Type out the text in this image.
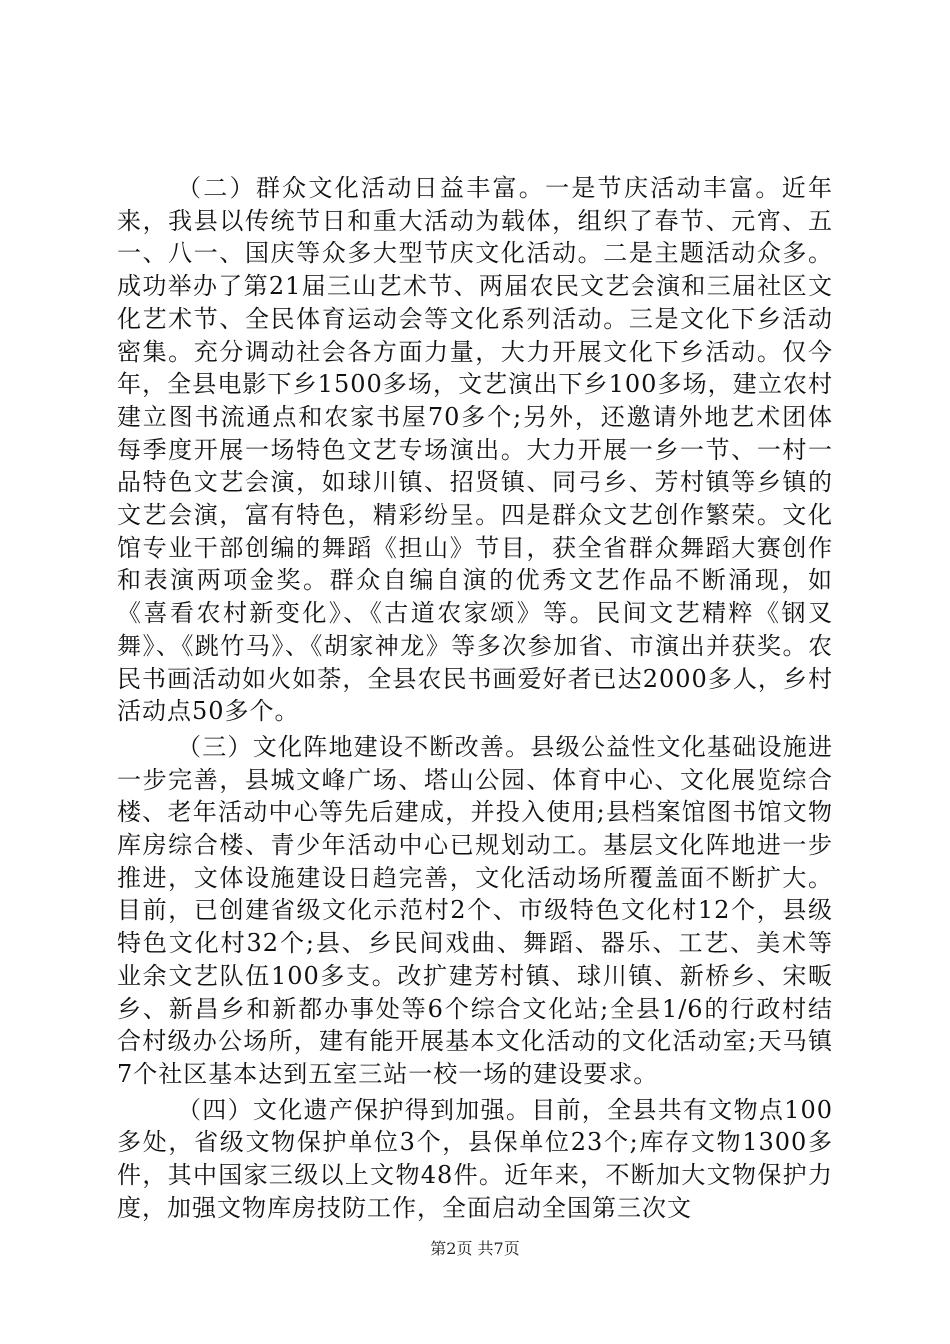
（二）群众文化活动日益丰富。一是节庆活动丰富。近年来，我县以传统节日和重大活动为载体，组织了春节、元宵、五一、八一、国庆等众多大型节庆文化活动。二是主题活动众多。成功举办了第21届三山艺术节、两届农民文艺会演和三届社区文化艺术节、全民体育运动会等文化系列活动。三是文化下乡活动密集。充分调动社会各方面力量，大力开展文化下乡活动。仅今年，全县电影下乡1500多场，文艺演出下乡100多场，建立农村建立图书流通点和农家书屋70多个;另外，还邀请外地艺术团体每季度开展一场特色文艺专场演出。大力开展一乡一节、一村一品特色文艺会演，如球川镇、招贤镇、同弓乡、芳村镇等乡镇的文艺会演，富有特色，精彩纷呈。四是群众文艺创作繁荣。文化馆专业干部创编的舞蹈《担山》节目，获全省群众舞蹈大赛创作和表演两项金奖。群众自编自演的优秀文艺作品不断涌现，如《喜看农村新变化》、《古道农家颂》等。民间文艺精粹《钢叉舞》、《跳竹马》、《胡家神龙》等多次参加省、市演出并获奖。农民书画活动如火如荼，全县农民书画爱好者已达2000多人，乡村活动点50多个。

（三）文化阵地建设不断改善。县级公益性文化基础设施进一步完善，县城文峰广场、塔山公园、体育中心、文化展览综合楼、老年活动中心等先后建成，并投入使用;县档案馆图书馆文物库房综合楼、青少年活动中心已规划动工。基层文化阵地进一步推进，文体设施建设日趋完善，文化活动场所覆盖面不断扩大。目前，已创建省级文化示范村2个、市级特色文化村12个，县级特色文化村32个;县、乡民间戏曲、舞蹈、器乐、工艺、美术等业余文艺队伍100多支。改扩建芳村镇、球川镇、新桥乡、宋畈乡、新昌乡和新都办事处等6个综合文化站;全县1/6的行政村结合村级办公场所，建有能开展基本文化活动的文化活动室;天马镇7个社区基本达到五室三站一校一场的建设要求。

（四）文化遗产保护得到加强。目前，全县共有文物点100多处，省级文物保护单位3个，县保单位23个;库存文物1300多件，其中国家三级以上文物48件。近年来，不断加大文物保护力度，加强文物库房技防工作，全面启动全国第三次文

第2页 共7页
